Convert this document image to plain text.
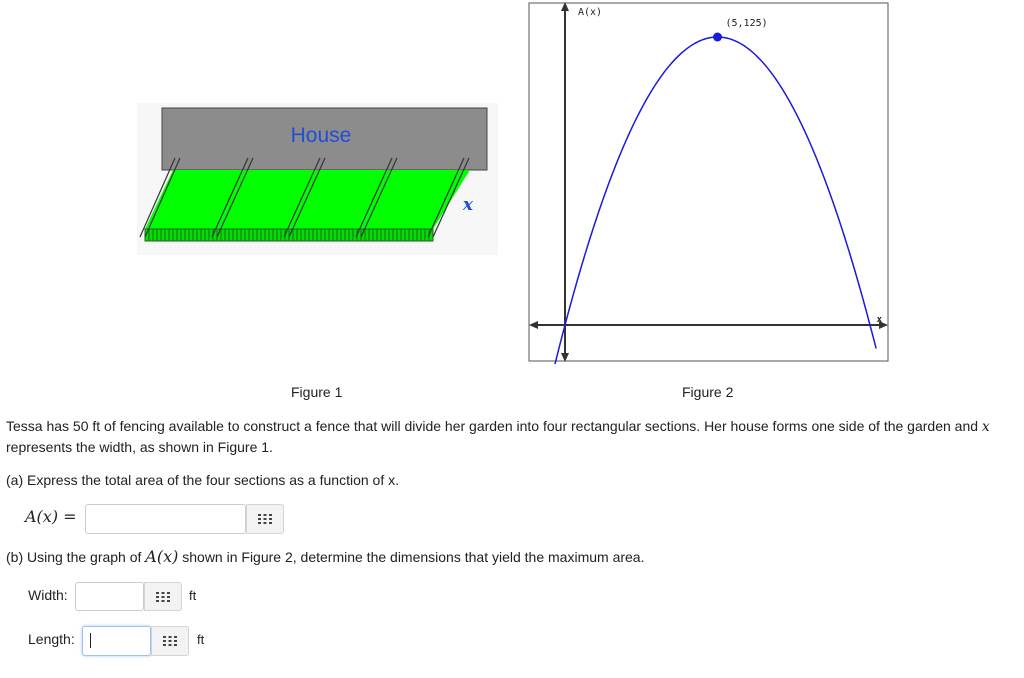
House
x
Figure 1
A(x)
(5,125)
x
Figure 2
Tessa has 50 ft of fencing available to construct a fence that will divide her garden into four rectangular sections. Her house forms one side of the garden and x
represents the width, as shown in Figure 1.
(a) Express the total area of the four sections as a function of x.
A(x) =
(b) Using the graph of A(x) shown in Figure 2, determine the dimensions that yield the maximum area.
Width:	ft
Length:	ft
